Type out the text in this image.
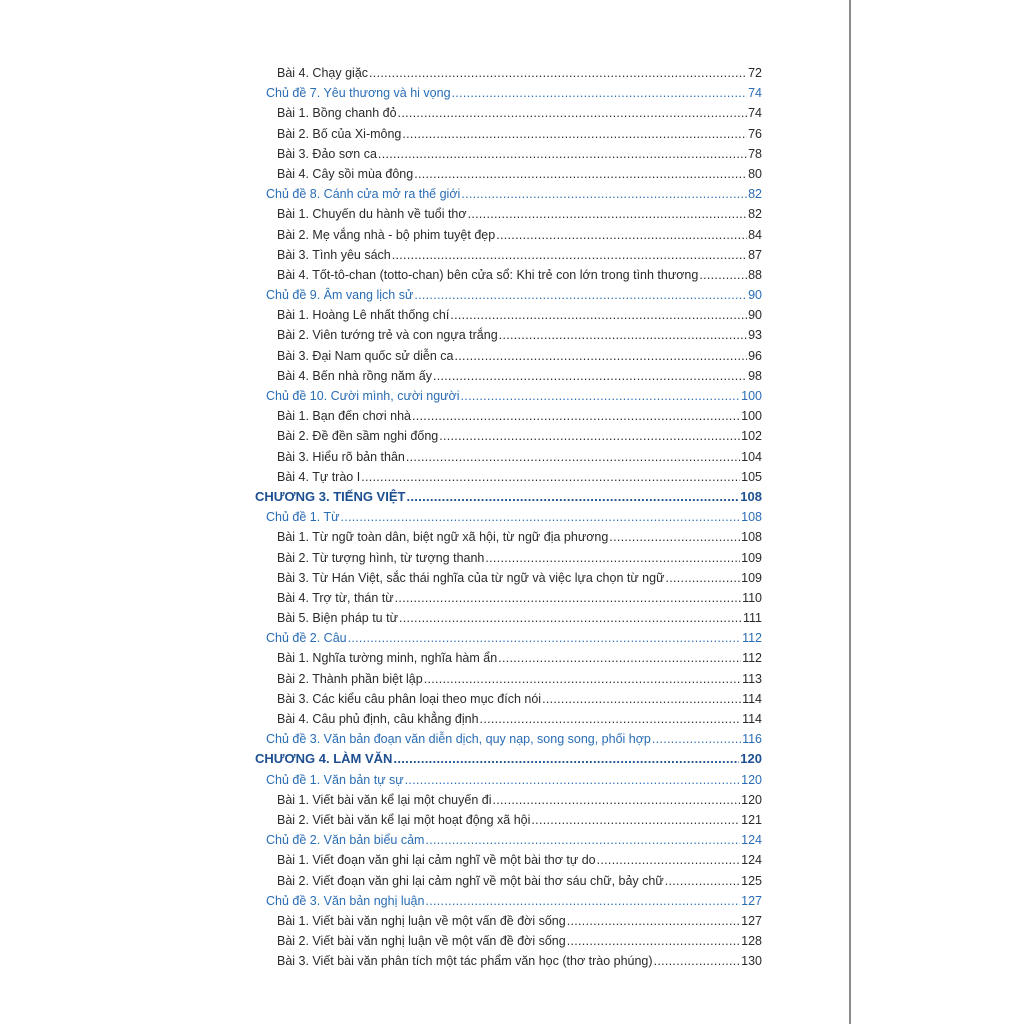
Bài 4. Chạy giặc .....	72
Chủ đề 7. Yêu thương và hi vọng .....	74
Bài 1. Bồng chanh đỏ .....	74
Bài 2. Bố của Xi-mông .....	76
Bài 3. Đảo sơn ca .....	78
Bài 4. Cây sồi mùa đông .....	80
Chủ đề 8. Cánh cửa mở ra thế giới .....	82
Bài 1. Chuyến du hành về tuổi thơ .....	82
Bài 2. Mẹ vắng nhà - bộ phim tuyệt đẹp .....	84
Bài 3. Tình yêu sách .....	87
Bài 4. Tốt-tô-chan (totto-chan) bên cửa sổ: Khi trẻ con lớn trong tình thương .....	88
Chủ đề 9. Âm vang lịch sử .....	90
Bài 1. Hoàng Lê nhất thống chí .....	90
Bài 2. Viên tướng trẻ và con ngựa trắng .....	93
Bài 3. Đại Nam quốc sử diễn ca .....	96
Bài 4. Bến nhà rồng năm ấy .....	98
Chủ đề 10. Cười mình, cười người .....	100
Bài 1. Bạn đến chơi nhà .....	100
Bài 2. Đề đền sầm nghi đống .....	102
Bài 3. Hiểu rõ bản thân .....	104
Bài 4. Tự trào I .....	105
CHƯƠNG 3. TIẾNG VIỆT .....	108
Chủ đề 1. Từ .....	108
Bài 1. Từ ngữ toàn dân, biệt ngữ xã hội, từ ngữ địa phương .....	108
Bài 2. Từ tượng hình, từ tượng thanh .....	109
Bài 3. Từ Hán Việt, sắc thái nghĩa của từ ngữ và việc lựa chọn từ ngữ .....	109
Bài 4. Trợ từ, thán từ .....	110
Bài 5. Biện pháp tu từ .....	111
Chủ đề 2. Câu .....	112
Bài 1. Nghĩa tường minh, nghĩa hàm ẩn .....	112
Bài 2. Thành phần biệt lập .....	113
Bài 3. Các kiểu câu phân loại theo mục đích nói .....	114
Bài 4. Câu phủ định, câu khẳng định .....	114
Chủ đề 3. Văn bản đoạn văn diễn dịch, quy nạp, song song, phối hợp .....	116
CHƯƠNG 4. LÀM VĂN .....	120
Chủ đề 1. Văn bản tự sự .....	120
Bài 1. Viết bài văn kể lại một chuyến đi .....	120
Bài 2. Viết bài văn kể lại một hoạt động xã hội .....	121
Chủ đề 2. Văn bản biểu cảm .....	124
Bài 1. Viết đoạn văn ghi lại cảm nghĩ về một bài thơ tự do .....	124
Bài 2. Viết đoạn văn ghi lại cảm nghĩ về một bài thơ sáu chữ, bảy chữ .....	125
Chủ đề 3. Văn bản nghị luận .....	127
Bài 1. Viết bài văn nghị luận về một vấn đề đời sống .....	127
Bài 2. Viết bài văn nghị luận về một vấn đề đời sống .....	128
Bài 3. Viết bài văn phân tích một tác phẩm văn học (thơ trào phúng) .....	130
